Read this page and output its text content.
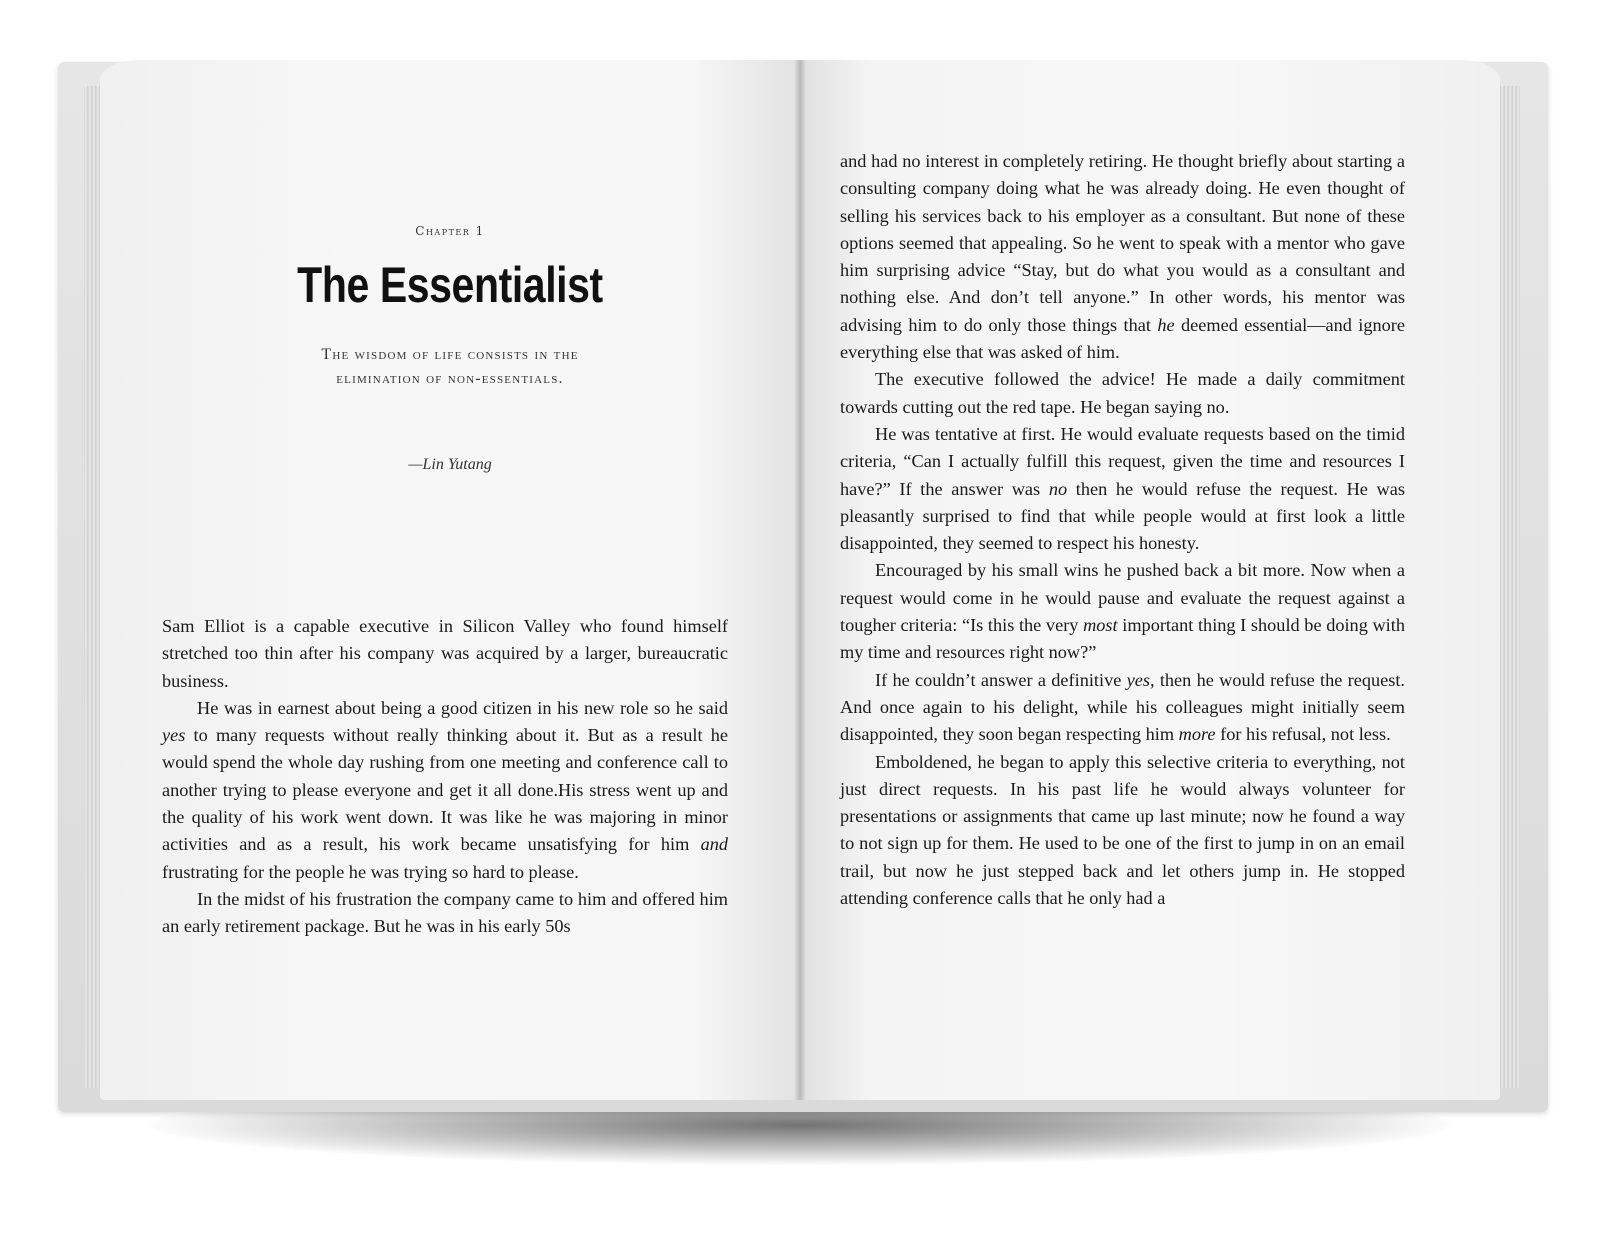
Chapter 1
The Essentialist
The wisdom of life consists in the
elimination of non-essentials.
—Lin Yutang

Sam Elliot is a capable executive in Silicon Valley who found himself stretched too thin after his company was acquired by a larger, bureaucratic business.

He was in earnest about being a good citizen in his new role so he said yes to many requests without really thinking about it. But as a result he would spend the whole day rushing from one meeting and conference call to another trying to please everyone and get it all done.His stress went up and the quality of his work went down. It was like he was majoring in minor activities and as a result, his work became unsatisfying for him and frustrating for the people he was trying so hard to please.

In the midst of his frustration the company came to him and offered him an early retirement package. But he was in his early 50s

and had no interest in completely retiring. He thought briefly about starting a consulting company doing what he was already doing. He even thought of selling his services back to his employer as a consultant. But none of these options seemed that appealing. So he went to speak with a mentor who gave him surprising advice “Stay, but do what you would as a consultant and nothing else. And don’t tell anyone.” In other words, his mentor was advising him to do only those things that he deemed essential—and ignore everything else that was asked of him.

The executive followed the advice! He made a daily commitment towards cutting out the red tape. He began saying no.

He was tentative at first. He would evaluate requests based on the timid criteria, “Can I actually fulfill this request, given the time and resources I have?” If the answer was no then he would refuse the request. He was pleasantly surprised to find that while people would at first look a little disappointed, they seemed to respect his honesty.

Encouraged by his small wins he pushed back a bit more. Now when a request would come in he would pause and evaluate the request against a tougher criteria: “Is this the very most important thing I should be doing with my time and resources right now?”

If he couldn’t answer a definitive yes, then he would refuse the request. And once again to his delight, while his colleagues might initially seem disappointed, they soon began respecting him more for his refusal, not less.

Emboldened, he began to apply this selective criteria to everything, not just direct requests. In his past life he would always volunteer for presentations or assignments that came up last minute; now he found a way to not sign up for them. He used to be one of the first to jump in on an email trail, but now he just stepped back and let others jump in. He stopped attending conference calls that he only had a
